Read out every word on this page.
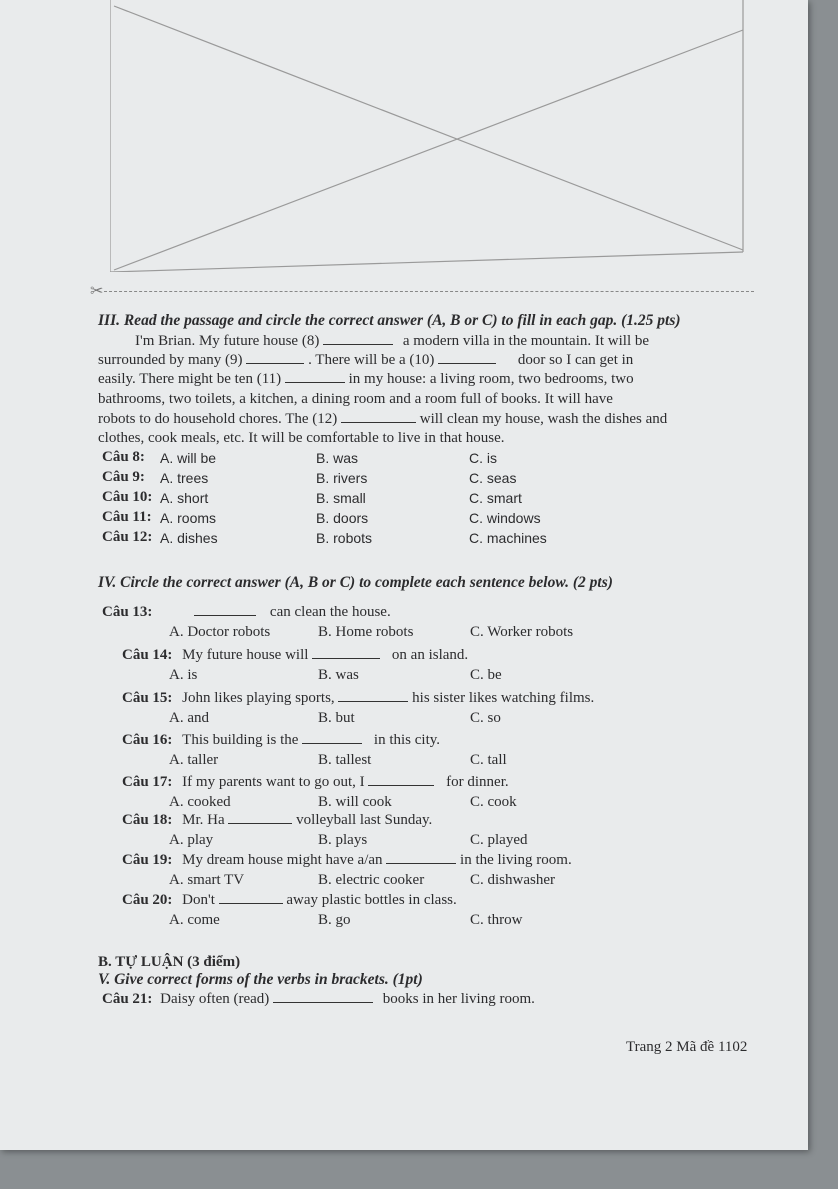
✂
III. Read the passage and circle the correct answer (A, B or C) to fill in each gap. (1.25 pts)
I'm Brian. My future house (8)	a modern villa in the mountain. It will be
surrounded by many (9)	. There will be a (10)	door so I can get in
easily. There might be ten (11)	in my house: a living room, two bedrooms, two
bathrooms, two toilets, a kitchen, a dining room and a room full of books. It will have
robots to do household chores. The (12)	will clean my house, wash the dishes and
clothes, cook meals, etc. It will be comfortable to live in that house.
Câu 8: A. will be	B. was	C. is
Câu 9: A. trees	B. rivers	C. seas
Câu 10: A. short	B. small	C. smart
Câu 11: A. rooms	B. doors	C. windows
Câu 12: A. dishes	B. robots	C. machines
IV. Circle the correct answer (A, B or C) to complete each sentence below. (2 pts)
Câu 13:	can clean the house.
A. Doctor robots	B. Home robots	C. Worker robots
Câu 14: My future house will	on an island.
A. is	B. was	C. be
Câu 15: John likes playing sports,	his sister likes watching films.
A. and	B. but	C. so
Câu 16: This building is the	in this city.
A. taller	B. tallest	C. tall
Câu 17: If my parents want to go out, I	for dinner.
A. cooked	B. will cook	C. cook
Câu 18: Mr. Ha	volleyball last Sunday.
A. play	B. plays	C. played
Câu 19: My dream house might have a/an	in the living room.
A. smart TV	B. electric cooker	C. dishwasher
Câu 20: Don't	away plastic bottles in class.
A. come	B. go	C. throw
B. TỰ LUẬN (3 điểm)
V. Give correct forms of the verbs in brackets. (1pt)
Câu 21: Daisy often (read)	books in her living room.
Trang 2 Mã đề 1102
